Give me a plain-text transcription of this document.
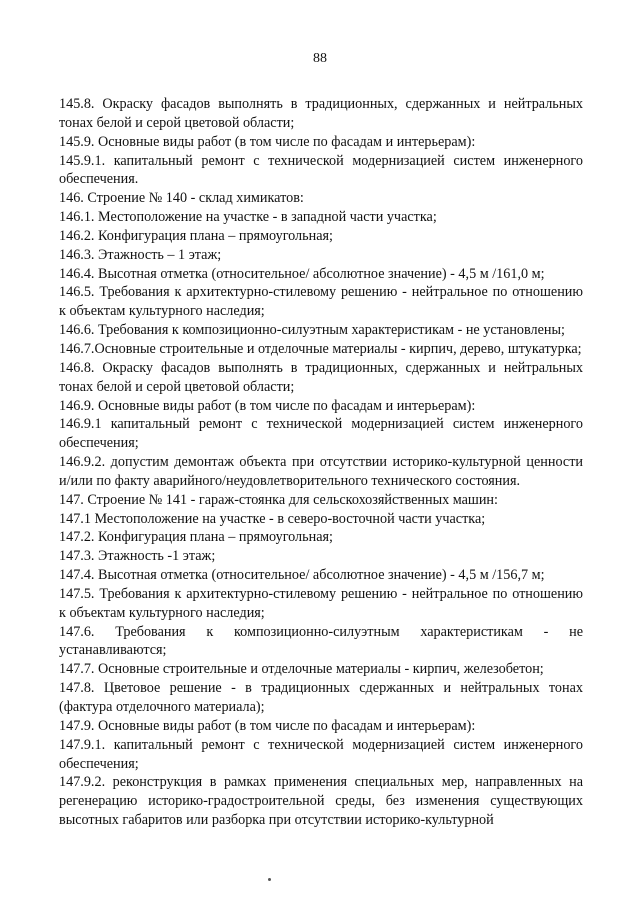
88

145.8. Окраску фасадов выполнять в традиционных, сдержанных и нейтральных тонах белой и серой цветовой области;

145.9. Основные виды работ (в том числе по фасадам и интерьерам):

145.9.1. капитальный ремонт с технической модернизацией систем инженерного обеспечения.

146. Строение № 140 - склад химикатов:

146.1. Местоположение на участке - в западной части участка;

146.2. Конфигурация плана – прямоугольная;

146.3. Этажность – 1 этаж;

146.4. Высотная отметка (относительное/ абсолютное значение) - 4,5 м /161,0 м;

146.5. Требования к архитектурно-стилевому решению - нейтральное по отношению к объектам культурного наследия;

146.6. Требования к композиционно-силуэтным характеристикам - не установлены;

146.7.Основные строительные и отделочные материалы - кирпич, дерево, штукатурка;

146.8. Окраску фасадов выполнять в традиционных, сдержанных и нейтральных тонах белой и серой цветовой области;

146.9. Основные виды работ (в том числе по фасадам и интерьерам):

146.9.1 капитальный ремонт с технической модернизацией систем инженерного обеспечения;

146.9.2. допустим демонтаж объекта при отсутствии историко-культурной ценности и/или по факту аварийного/неудовлетворительного технического состояния.

147. Строение № 141 - гараж-стоянка для сельскохозяйственных машин:

147.1 Местоположение на участке - в северо-восточной части участка;

147.2. Конфигурация плана – прямоугольная;

147.3. Этажность -1 этаж;

147.4. Высотная отметка (относительное/ абсолютное значение) - 4,5 м /156,7 м;

147.5. Требования к архитектурно-стилевому решению - нейтральное по отношению к объектам культурного наследия;

147.6. Требования к композиционно-силуэтным характеристикам - не устанавливаются;

147.7. Основные строительные и отделочные материалы - кирпич, железобетон;

147.8. Цветовое решение - в традиционных сдержанных и нейтральных тонах (фактура отделочного материала);

147.9. Основные виды работ (в том числе по фасадам и интерьерам):

147.9.1. капитальный ремонт с технической модернизацией систем инженерного обеспечения;

147.9.2. реконструкция в рамках применения специальных мер, направленных на регенерацию историко-градостроительной среды, без изменения существующих высотных габаритов или разборка при отсутствии историко-культурной
